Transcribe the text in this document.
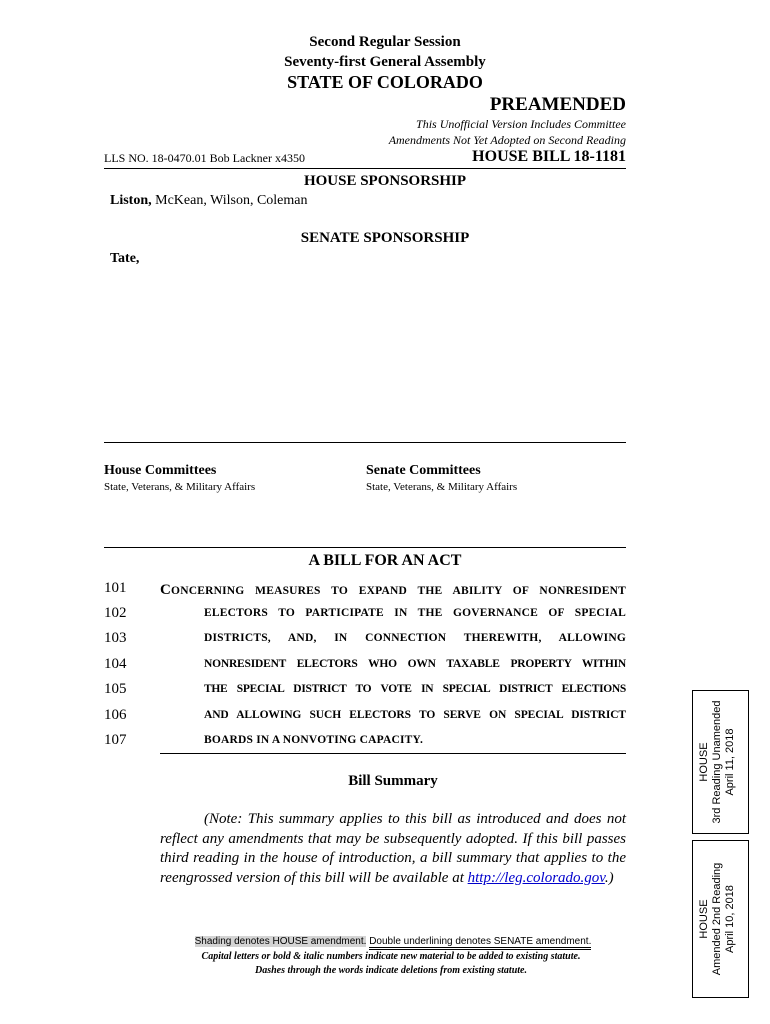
Second Regular Session
Seventy-first General Assembly
STATE OF COLORADO
PREAMENDED
This Unofficial Version Includes Committee
Amendments Not Yet Adopted on Second Reading
LLS NO. 18-0470.01 Bob Lackner x4350	HOUSE BILL 18-1181
HOUSE SPONSORSHIP
Liston, McKean, Wilson, Coleman
SENATE SPONSORSHIP
Tate,
House Committees
State, Veterans, & Military Affairs
Senate Committees
State, Veterans, & Military Affairs
A BILL FOR AN ACT
101 CONCERNING MEASURES TO EXPAND THE ABILITY OF NONRESIDENT
102	ELECTORS TO PARTICIPATE IN THE GOVERNANCE OF SPECIAL
103	DISTRICTS, AND, IN CONNECTION THEREWITH, ALLOWING
104	NONRESIDENT ELECTORS WHO OWN TAXABLE PROPERTY WITHIN
105	THE SPECIAL DISTRICT TO VOTE IN SPECIAL DISTRICT ELECTIONS
106	AND ALLOWING SUCH ELECTORS TO SERVE ON SPECIAL DISTRICT
107	BOARDS IN A NONVOTING CAPACITY.
Bill Summary
(Note: This summary applies to this bill as introduced and does not reflect any amendments that may be subsequently adopted. If this bill passes third reading in the house of introduction, a bill summary that applies to the reengrossed version of this bill will be available at http://leg.colorado.gov.)
Shading denotes HOUSE amendment. Double underlining denotes SENATE amendment.
Capital letters or bold & italic numbers indicate new material to be added to existing statute.
Dashes through the words indicate deletions from existing statute.
HOUSE 3rd Reading Unamended April 11, 2018
HOUSE Amended 2nd Reading April 10, 2018
